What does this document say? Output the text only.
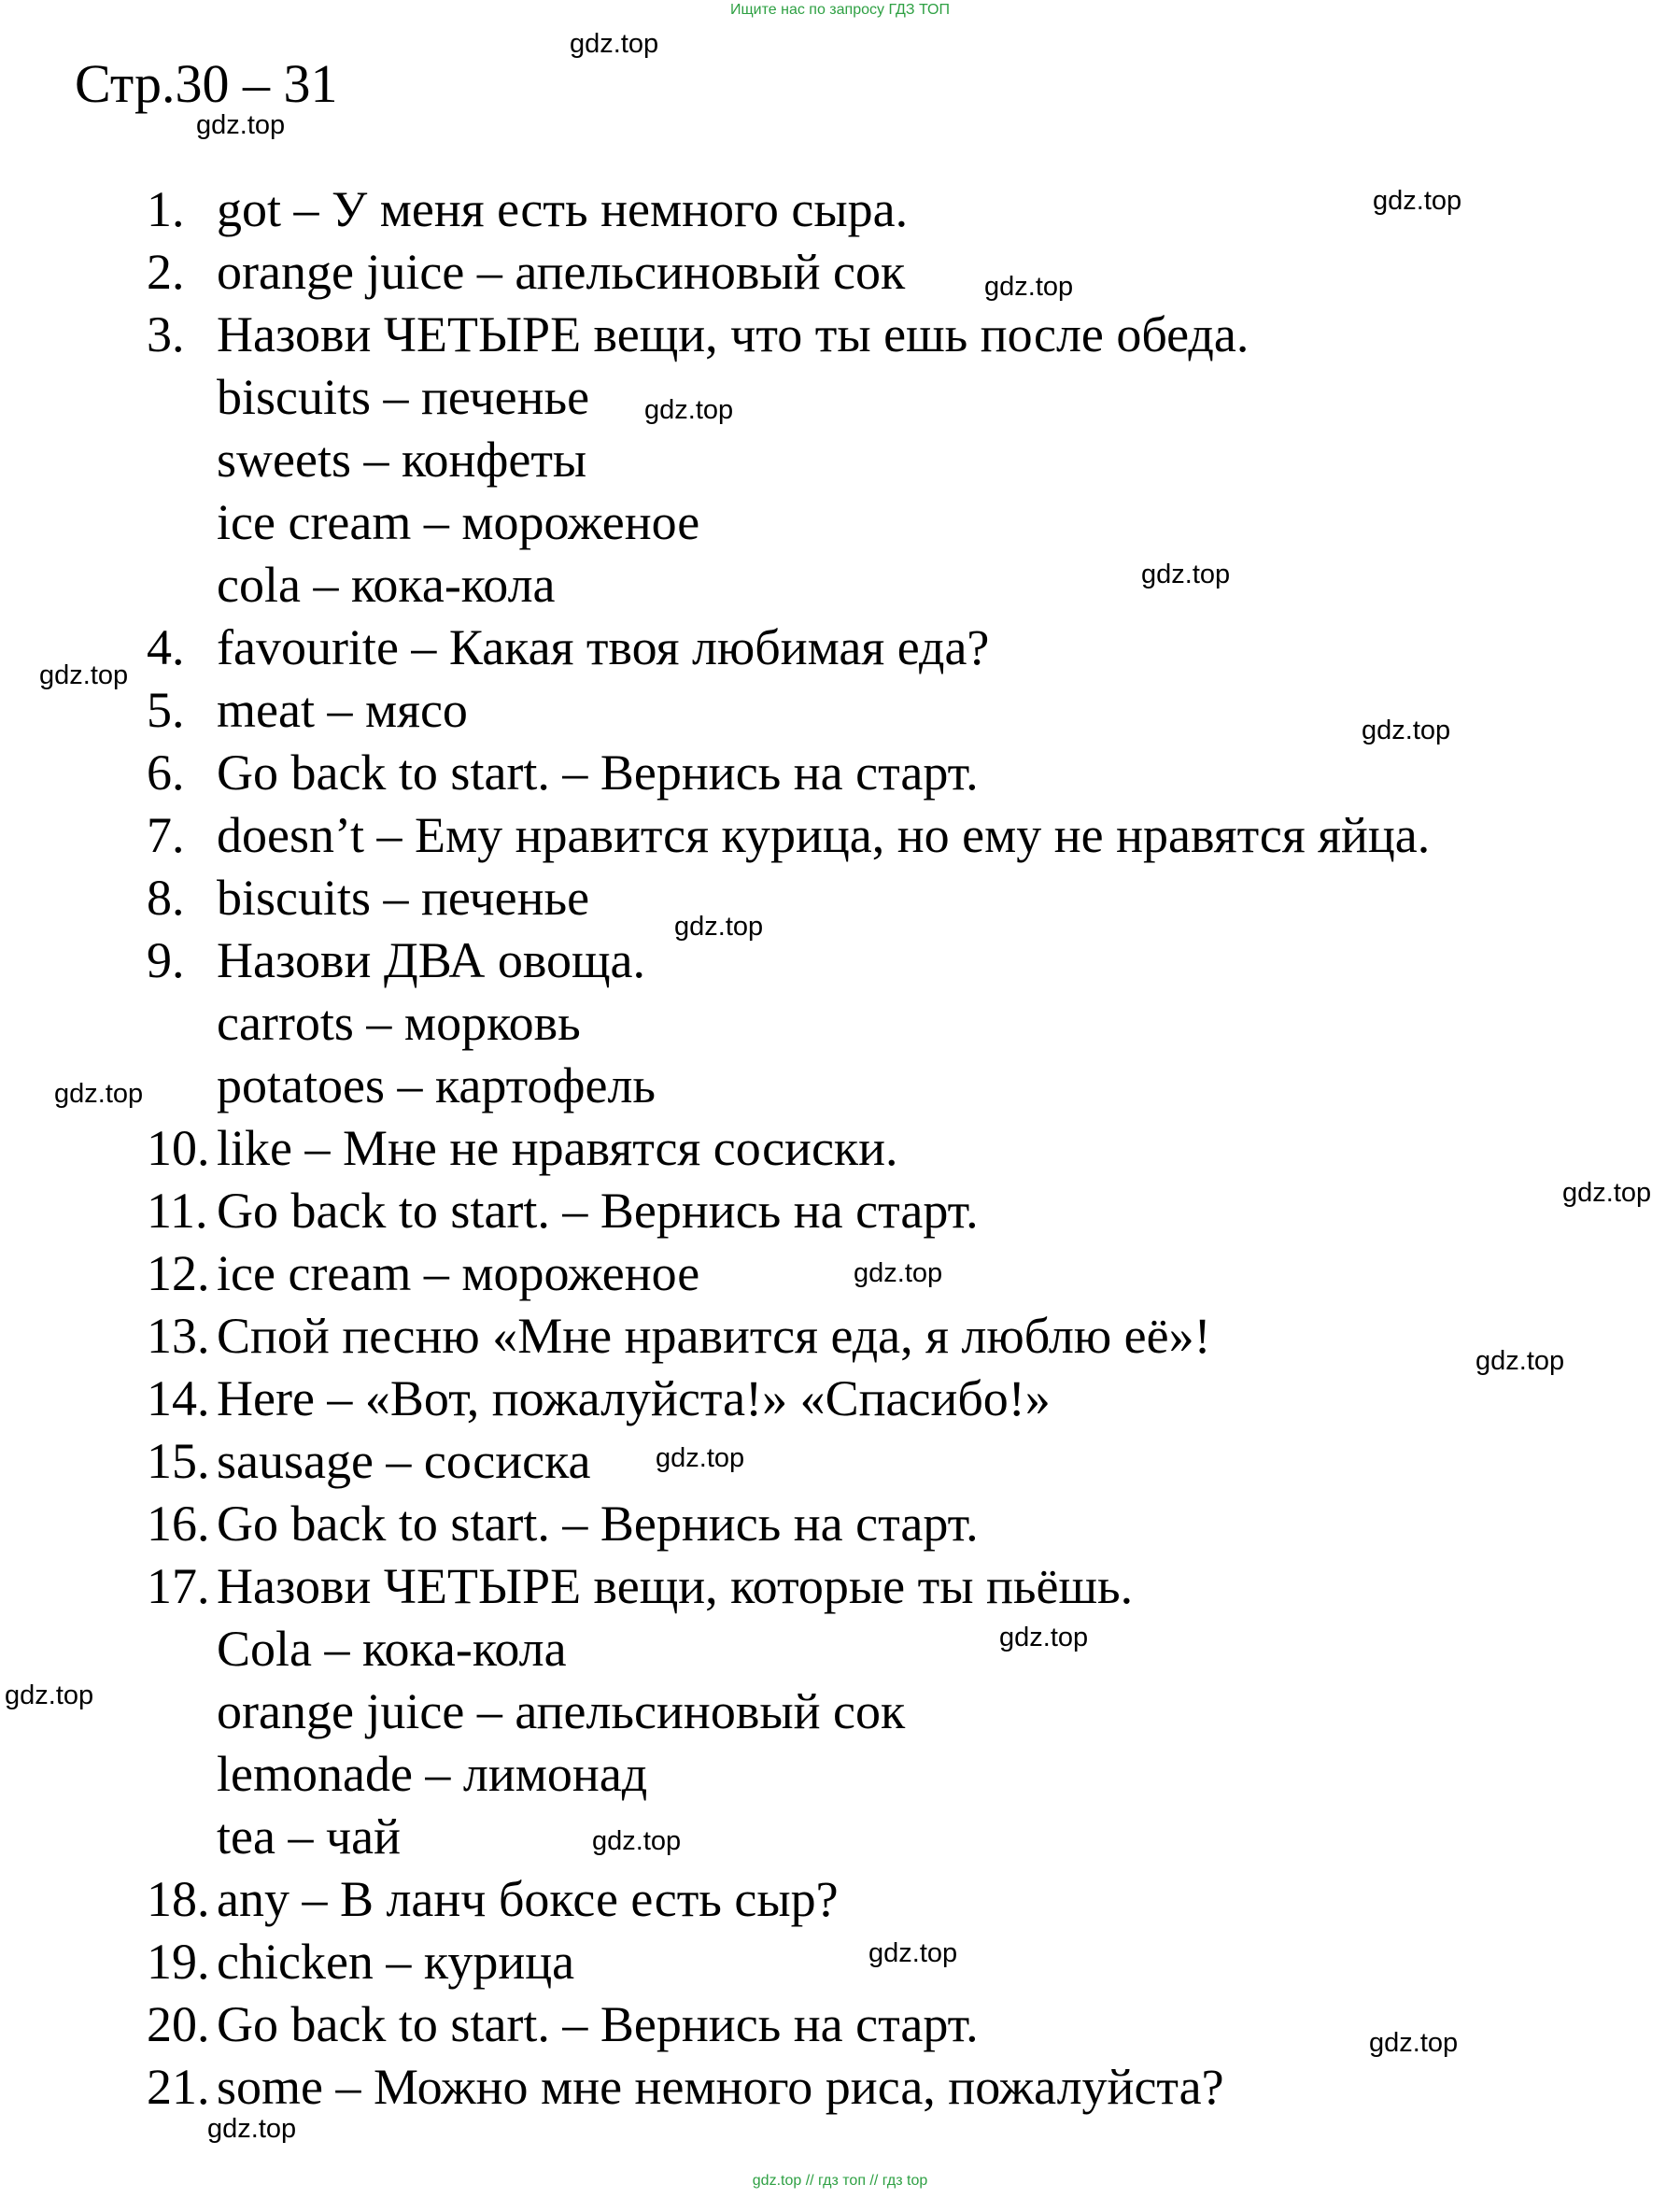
Ищите нас по запросу ГДЗ ТОП
Стр.30 – 31
1. got – У меня есть немного сыра.
2. orange juice – апельсиновый сок
3. Назови ЧЕТЫРЕ вещи, что ты ешь после обеда.
biscuits – печенье
sweets – конфеты
ice cream – мороженое
cola – кока-кола
4. favourite – Какая твоя любимая еда?
5. meat – мясо
6. Go back to start. – Вернись на старт.
7. doesn’t – Ему нравится курица, но ему не нравятся яйца.
8. biscuits – печенье
9. Назови ДВА овоща.
carrots – морковь
potatoes – картофель
10. like – Мне не нравятся сосиски.
11. Go back to start. – Вернись на старт.
12. ice cream – мороженое
13. Спой песню «Мне нравится еда, я люблю её»!
14. Here – «Вот, пожалуйста!» «Спасибо!»
15. sausage – сосиска
16. Go back to start. – Вернись на старт.
17. Назови ЧЕТЫРЕ вещи, которые ты пьёшь.
Cola – кока-кола
orange juice – апельсиновый сок
lemonade – лимонад
tea – чай
18. any – В ланч боксе есть сыр?
19. chicken – курица
20. Go back to start. – Вернись на старт.
21. some – Можно мне немного риса, пожалуйста?
gdz.top
gdz.top
gdz.top
gdz.top
gdz.top
gdz.top
gdz.top
gdz.top
gdz.top
gdz.top
gdz.top
gdz.top
gdz.top
gdz.top
gdz.top
gdz.top
gdz.top
gdz.top
gdz.top
gdz.top
gdz.top // гдз топ // гдз top
